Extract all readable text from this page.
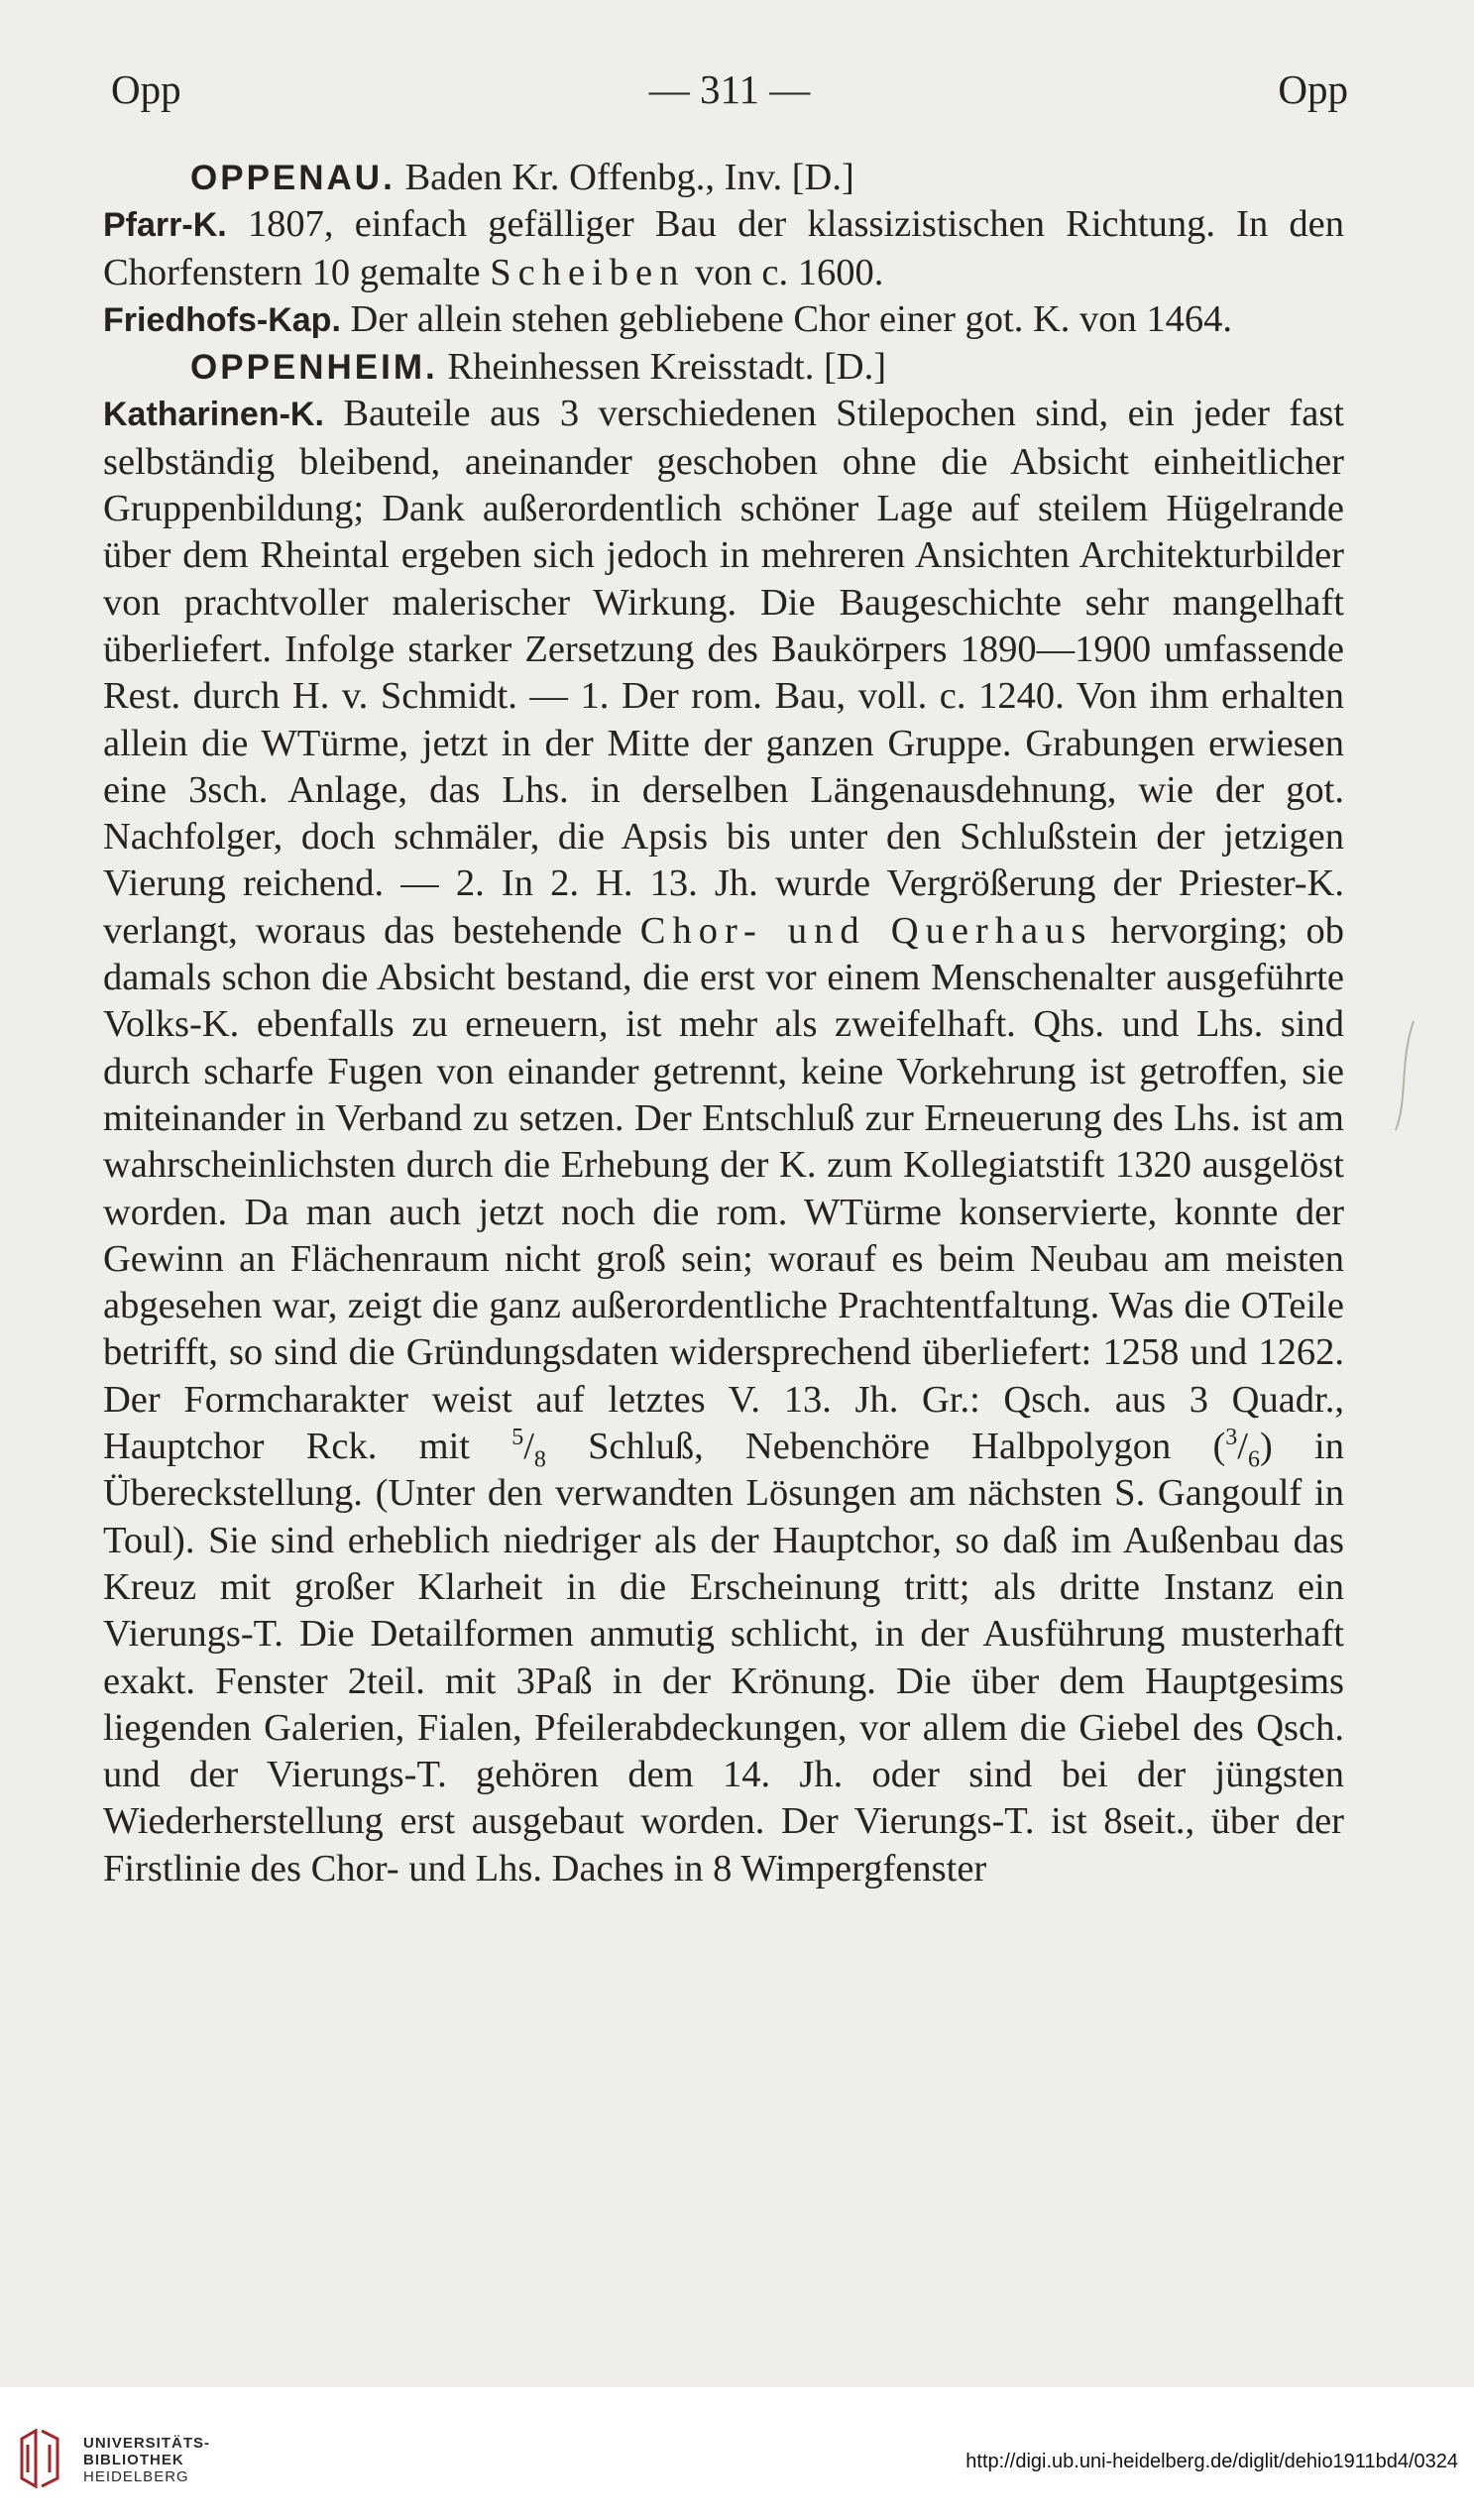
Opp	— 311 —	Opp

OPPENAU. Baden Kr. Offenbg., Inv. [D.]

Pfarr-K. 1807, einfach gefälliger Bau der klassizistischen Richtung. In den Chorfenstern 10 gemalte Scheiben von c. 1600.

Friedhofs-Kap. Der allein stehen gebliebene Chor einer got. K. von 1464.

OPPENHEIM. Rheinhessen Kreisstadt. [D.]

Katharinen-K. Bauteile aus 3 verschiedenen Stilepochen sind, ein jeder fast selbständig bleibend, aneinander geschoben ohne die Absicht einheitlicher Gruppenbildung; Dank außerordentlich schöner Lage auf steilem Hügelrande über dem Rheintal ergeben sich jedoch in mehreren Ansichten Architekturbilder von prachtvoller malerischer Wirkung. Die Baugeschichte sehr mangelhaft überliefert. Infolge starker Zersetzung des Baukörpers 1890—1900 umfassende Rest. durch H. v. Schmidt. — 1. Der rom. Bau, voll. c. 1240. Von ihm erhalten allein die WTürme, jetzt in der Mitte der ganzen Gruppe. Grabungen erwiesen eine 3sch. Anlage, das Lhs. in derselben Längenausdehnung, wie der got. Nachfolger, doch schmäler, die Apsis bis unter den Schlußstein der jetzigen Vierung reichend. — 2. In 2. H. 13. Jh. wurde Vergrößerung der Priester-K. verlangt, woraus das bestehende Chor- und Querhaus hervorging; ob damals schon die Absicht bestand, die erst vor einem Menschenalter ausgeführte Volks-K. ebenfalls zu erneuern, ist mehr als zweifelhaft. Qhs. und Lhs. sind durch scharfe Fugen von einander getrennt, keine Vorkehrung ist getroffen, sie miteinander in Verband zu setzen. Der Entschluß zur Erneuerung des Lhs. ist am wahrscheinlichsten durch die Erhebung der K. zum Kollegiatstift 1320 ausgelöst worden. Da man auch jetzt noch die rom. WTürme konservierte, konnte der Gewinn an Flächenraum nicht groß sein; worauf es beim Neubau am meisten abgesehen war, zeigt die ganz außerordentliche Prachtentfaltung. Was die OTeile betrifft, so sind die Gründungsdaten widersprechend überliefert: 1258 und 1262. Der Formcharakter weist auf letztes V. 13. Jh. Gr.: Qsch. aus 3 Quadr., Hauptchor Rck. mit $^5/_8$ Schluß, Nebenchöre Halbpolygon $(^3/_6)$ in Übereckstellung. (Unter den verwandten Lösungen am nächsten S. Gangoulf in Toul). Sie sind erheblich niedriger als der Hauptchor, so daß im Außenbau das Kreuz mit großer Klarheit in die Erscheinung tritt; als dritte Instanz ein Vierungs-T. Die Detailformen anmutig schlicht, in der Ausführung musterhaft exakt. Fenster 2teil. mit 3Paß in der Krönung. Die über dem Hauptgesims liegenden Galerien, Fialen, Pfeilerabdeckungen, vor allem die Giebel des Qsch. und der Vierungs-T. gehören dem 14. Jh. oder sind bei der jüngsten Wiederherstellung erst ausgebaut worden. Der Vierungs-T. ist 8seit., über der Firstlinie des Chor- und Lhs. Daches in 8 Wimpergfenster

UNIVERSITÄTS-
BIBLIOTHEK
HEIDELBERG
http://digi.ub.uni-heidelberg.de/diglit/dehio1911bd4/0324
